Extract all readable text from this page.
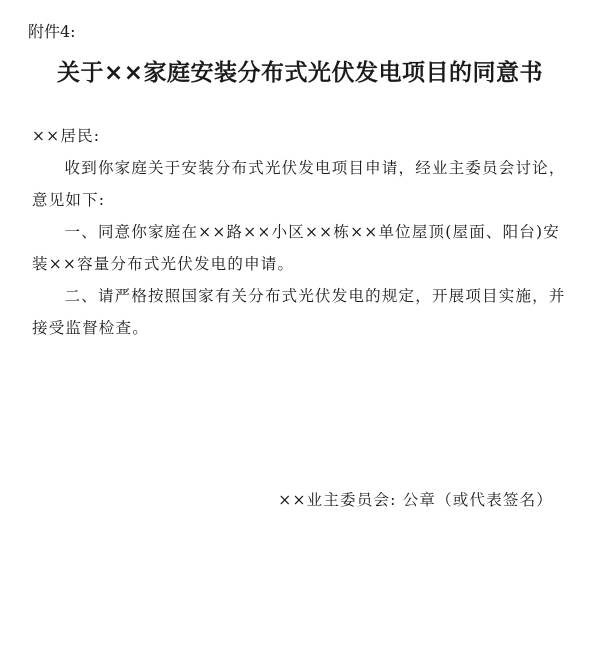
附件4:
关于××家庭安装分布式光伏发电项目的同意书

××居民:

收到你家庭关于安装分布式光伏发电项目申请，经业主委员会讨论，意见如下:

一、同意你家庭在××路××小区××栋××单位屋顶(屋面、阳台)安装××容量分布式光伏发电的申请。

二、请严格按照国家有关分布式光伏发电的规定，开展项目实施，并接受监督检查。

××业主委员会: 公章（或代表签名）
